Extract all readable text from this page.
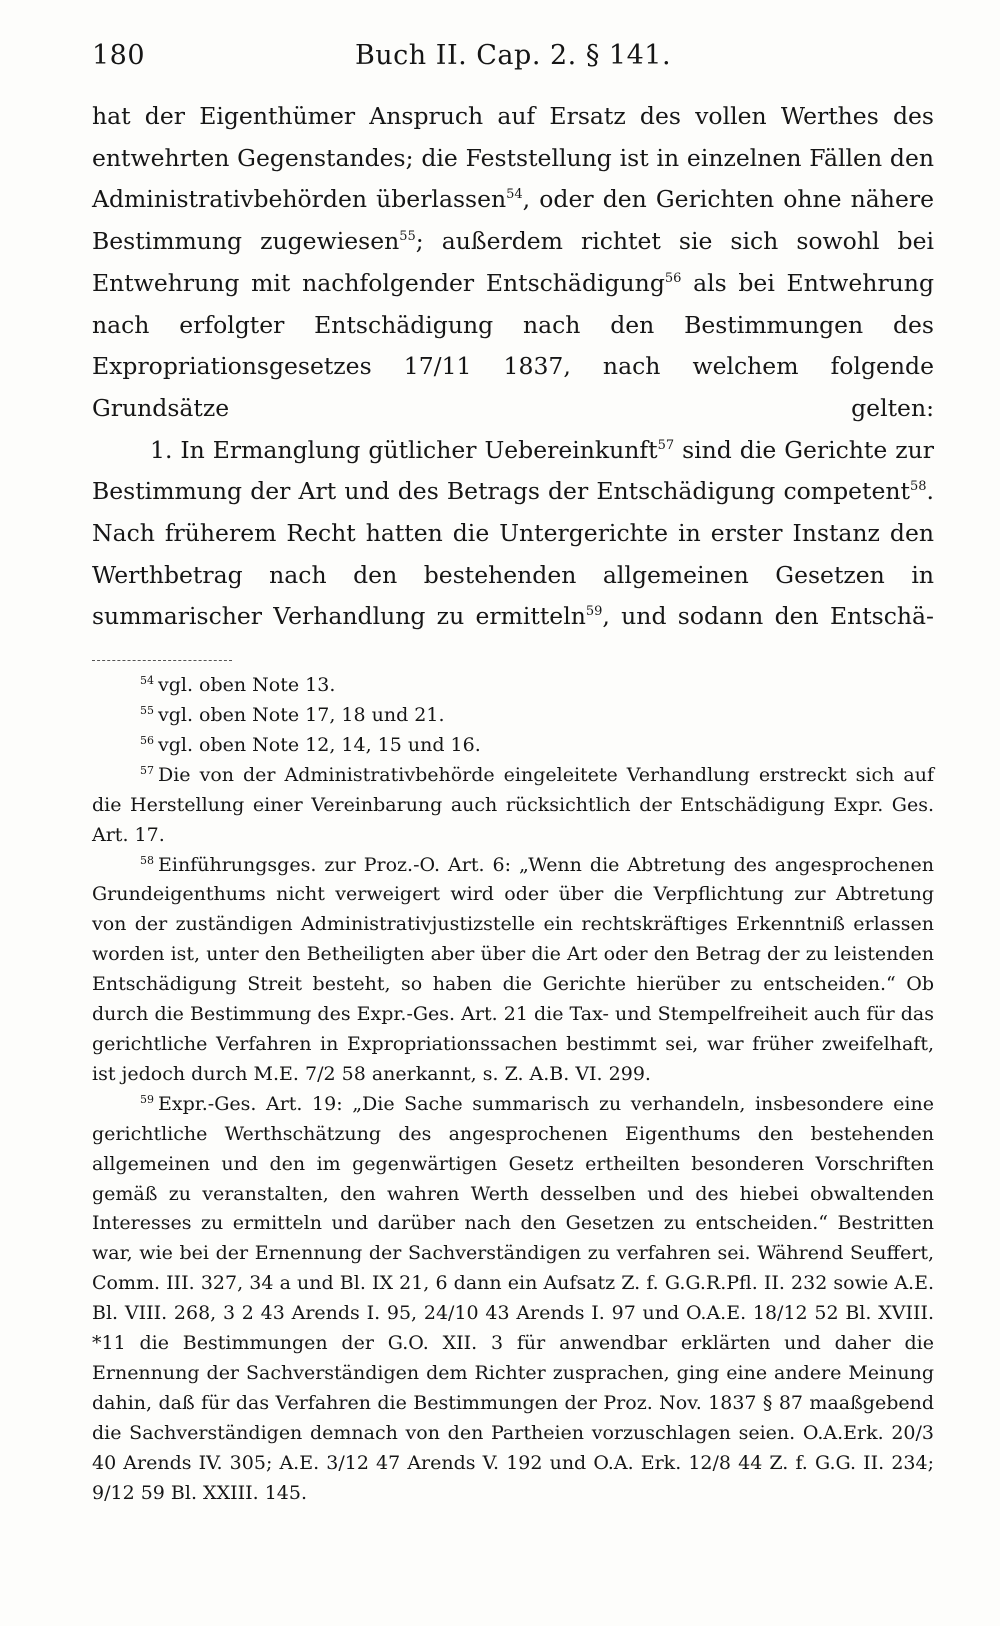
180	Buch II. Cap. 2. § 141.

hat der Eigenthümer Anspruch auf Ersatz des vollen Werthes des entwehrten Gegenstandes; die Feststellung ist in einzelnen Fällen den Administrativbehörden überlassen$^{54}$, oder den Gerichten ohne nähere Bestimmung zugewiesen$^{55}$; außerdem richtet sie sich sowohl bei Entwehrung mit nachfolgender Entschädigung$^{56}$ als bei Entwehrung nach erfolgter Entschädigung nach den Bestimmungen des Expropriationsgesetzes 17/11 1837, nach welchem folgende Grundsätze gelten:

1. In Ermanglung gütlicher Uebereinkunft$^{57}$ sind die Gerichte zur Bestimmung der Art und des Betrags der Entschädigung competent$^{58}$. Nach früherem Recht hatten die Untergerichte in erster Instanz den Werthbetrag nach den bestehenden allgemeinen Gesetzen in summarischer Verhandlung zu ermitteln$^{59}$, und sodann den Entschä-

$^{54}$ vgl. oben Note 13.

$^{55}$ vgl. oben Note 17, 18 und 21.

$^{56}$ vgl. oben Note 12, 14, 15 und 16.

$^{57}$ Die von der Administrativbehörde eingeleitete Verhandlung erstreckt sich auf die Herstellung einer Vereinbarung auch rücksichtlich der Entschädigung Expr. Ges. Art. 17.

$^{58}$ Einführungsges. zur Proz.-O. Art. 6: „Wenn die Abtretung des angesprochenen Grundeigenthums nicht verweigert wird oder über die Verpflichtung zur Abtretung von der zuständigen Administrativjustizstelle ein rechtskräftiges Erkenntniß erlassen worden ist, unter den Betheiligten aber über die Art oder den Betrag der zu leistenden Entschädigung Streit besteht, so haben die Gerichte hierüber zu entscheiden.“ Ob durch die Bestimmung des Expr.-Ges. Art. 21 die Tax- und Stempelfreiheit auch für das gerichtliche Verfahren in Expropriationssachen bestimmt sei, war früher zweifelhaft, ist jedoch durch M.E. 7/2 58 anerkannt, s. Z. A.B. VI. 299.

$^{59}$ Expr.-Ges. Art. 19: „Die Sache summarisch zu verhandeln, insbesondere eine gerichtliche Werthschätzung des angesprochenen Eigenthums den bestehenden allgemeinen und den im gegenwärtigen Gesetz ertheilten besonderen Vorschriften gemäß zu veranstalten, den wahren Werth desselben und des hiebei obwaltenden Interesses zu ermitteln und darüber nach den Gesetzen zu entscheiden.“ Bestritten war, wie bei der Ernennung der Sachverständigen zu verfahren sei. Während Seuffert, Comm. III. 327, 34 a und Bl. IX 21, 6 dann ein Aufsatz Z. f. G.G.R.Pfl. II. 232 sowie A.E. Bl. VIII. 268, 3 2 43 Arends I. 95, 24/10 43 Arends I. 97 und O.A.E. 18/12 52 Bl. XVIII. *11 die Bestimmungen der G.O. XII. 3 für anwendbar erklärten und daher die Ernennung der Sachverständigen dem Richter zusprachen, ging eine andere Meinung dahin, daß für das Verfahren die Bestimmungen der Proz. Nov. 1837 § 87 maaßgebend die Sachverständigen demnach von den Partheien vorzuschlagen seien. O.A.Erk. 20/3 40 Arends IV. 305; A.E. 3/12 47 Arends V. 192 und O.A. Erk. 12/8 44 Z. f. G.G. II. 234; 9/12 59 Bl. XXIII. 145.
